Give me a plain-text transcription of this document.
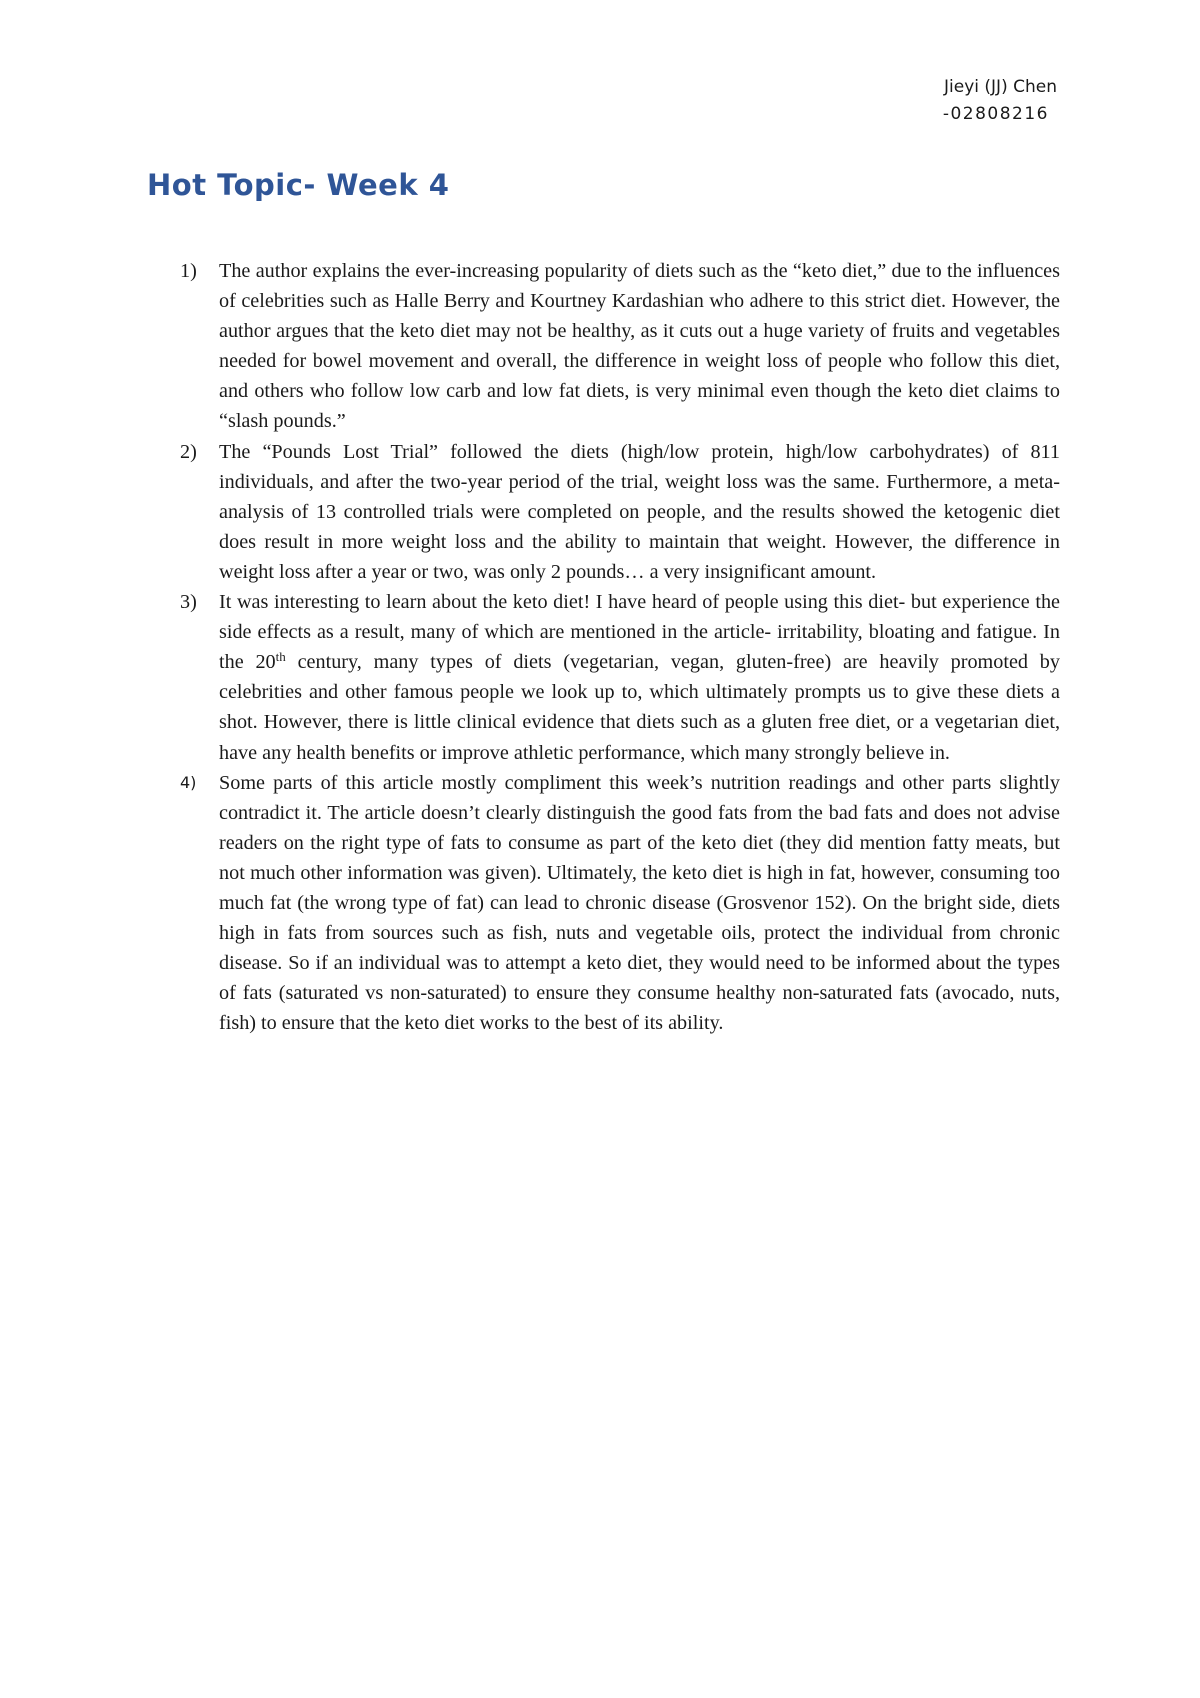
Jieyi (JJ) Chen
-02808216
Hot Topic- Week 4
1) The author explains the ever-increasing popularity of diets such as the “keto diet,” due to the influences of celebrities such as Halle Berry and Kourtney Kardashian who adhere to this strict diet. However, the author argues that the keto diet may not be healthy, as it cuts out a huge variety of fruits and vegetables needed for bowel movement and overall, the difference in weight loss of people who follow this diet, and others who follow low carb and low fat diets, is very minimal even though the keto diet claims to “slash pounds.”
2) The “Pounds Lost Trial” followed the diets (high/low protein, high/low carbohydrates) of 811 individuals, and after the two-year period of the trial, weight loss was the same. Furthermore, a meta-analysis of 13 controlled trials were completed on people, and the results showed the ketogenic diet does result in more weight loss and the ability to maintain that weight. However, the difference in weight loss after a year or two, was only 2 pounds… a very insignificant amount.
3) It was interesting to learn about the keto diet! I have heard of people using this diet- but experience the side effects as a result, many of which are mentioned in the article- irritability, bloating and fatigue. In the 20th century, many types of diets (vegetarian, vegan, gluten-free) are heavily promoted by celebrities and other famous people we look up to, which ultimately prompts us to give these diets a shot. However, there is little clinical evidence that diets such as a gluten free diet, or a vegetarian diet, have any health benefits or improve athletic performance, which many strongly believe in.
4) Some parts of this article mostly compliment this week’s nutrition readings and other parts slightly contradict it. The article doesn’t clearly distinguish the good fats from the bad fats and does not advise readers on the right type of fats to consume as part of the keto diet (they did mention fatty meats, but not much other information was given). Ultimately, the keto diet is high in fat, however, consuming too much fat (the wrong type of fat) can lead to chronic disease (Grosvenor 152). On the bright side, diets high in fats from sources such as fish, nuts and vegetable oils, protect the individual from chronic disease. So if an individual was to attempt a keto diet, they would need to be informed about the types of fats (saturated vs non-saturated) to ensure they consume healthy non-saturated fats (avocado, nuts, fish) to ensure that the keto diet works to the best of its ability.
